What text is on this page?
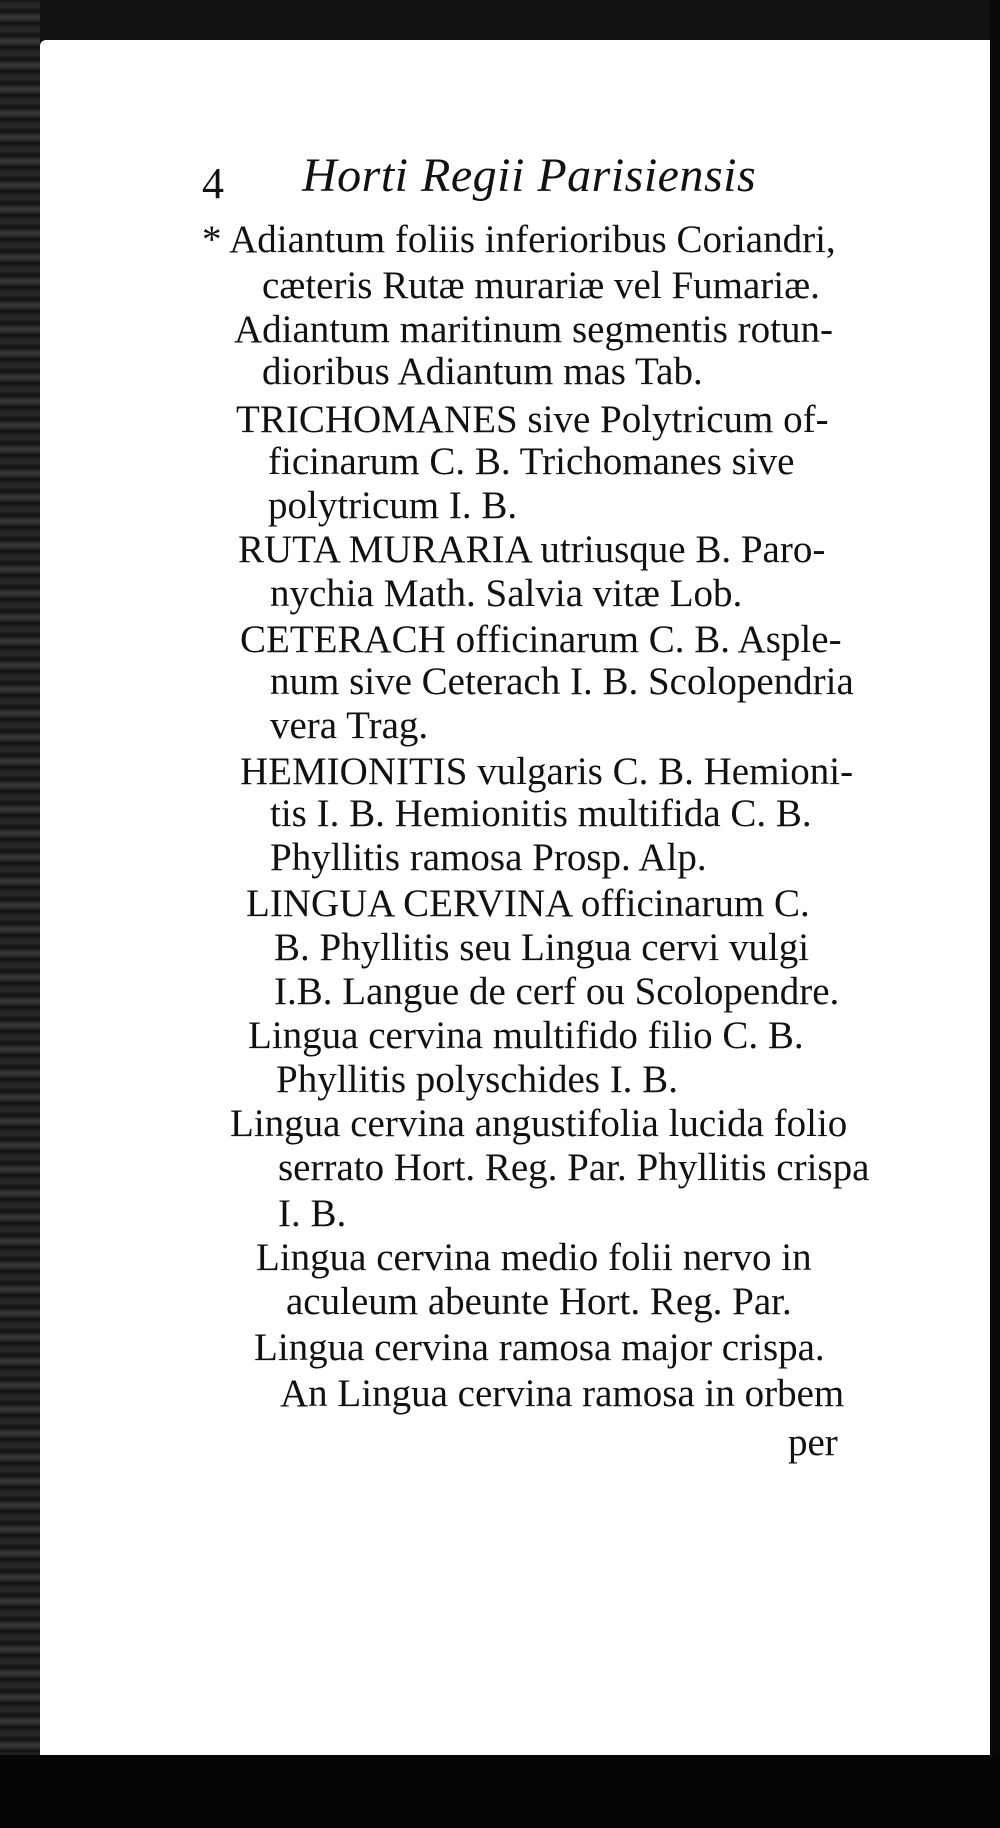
4 Horti Regii Parisiensis
* Adiantum foliis inferioribus Coriandri,
cæteris Rutæ murariæ vel Fumariæ.
Adiantum maritinum segmentis rotun-
dioribus Adiantum mas Tab.
TRICHOMANES sive Polytricum of-
ficinarum C. B. Trichomanes sive
polytricum I. B.
RUTA MURARIA utriusque B. Paro-
nychia Math. Salvia vitæ Lob.
CETERACH officinarum C. B. Asple-
num sive Ceterach I. B. Scolopendria
vera Trag.
HEMIONITIS vulgaris C. B. Hemioni-
tis I. B. Hemionitis multifida C. B.
Phyllitis ramosa Prosp. Alp.
LINGUA CERVINA officinarum C.
B. Phyllitis seu Lingua cervi vulgi
I.B. Langue de cerf ou Scolopendre.
Lingua cervina multifido filio C. B.
Phyllitis polyschides I. B.
Lingua cervina angustifolia lucida folio
serrato Hort. Reg. Par. Phyllitis crispa
I. B.
Lingua cervina medio folii nervo in
aculeum abeunte Hort. Reg. Par.
Lingua cervina ramosa major crispa.
An Lingua cervina ramosa in orbem
per
